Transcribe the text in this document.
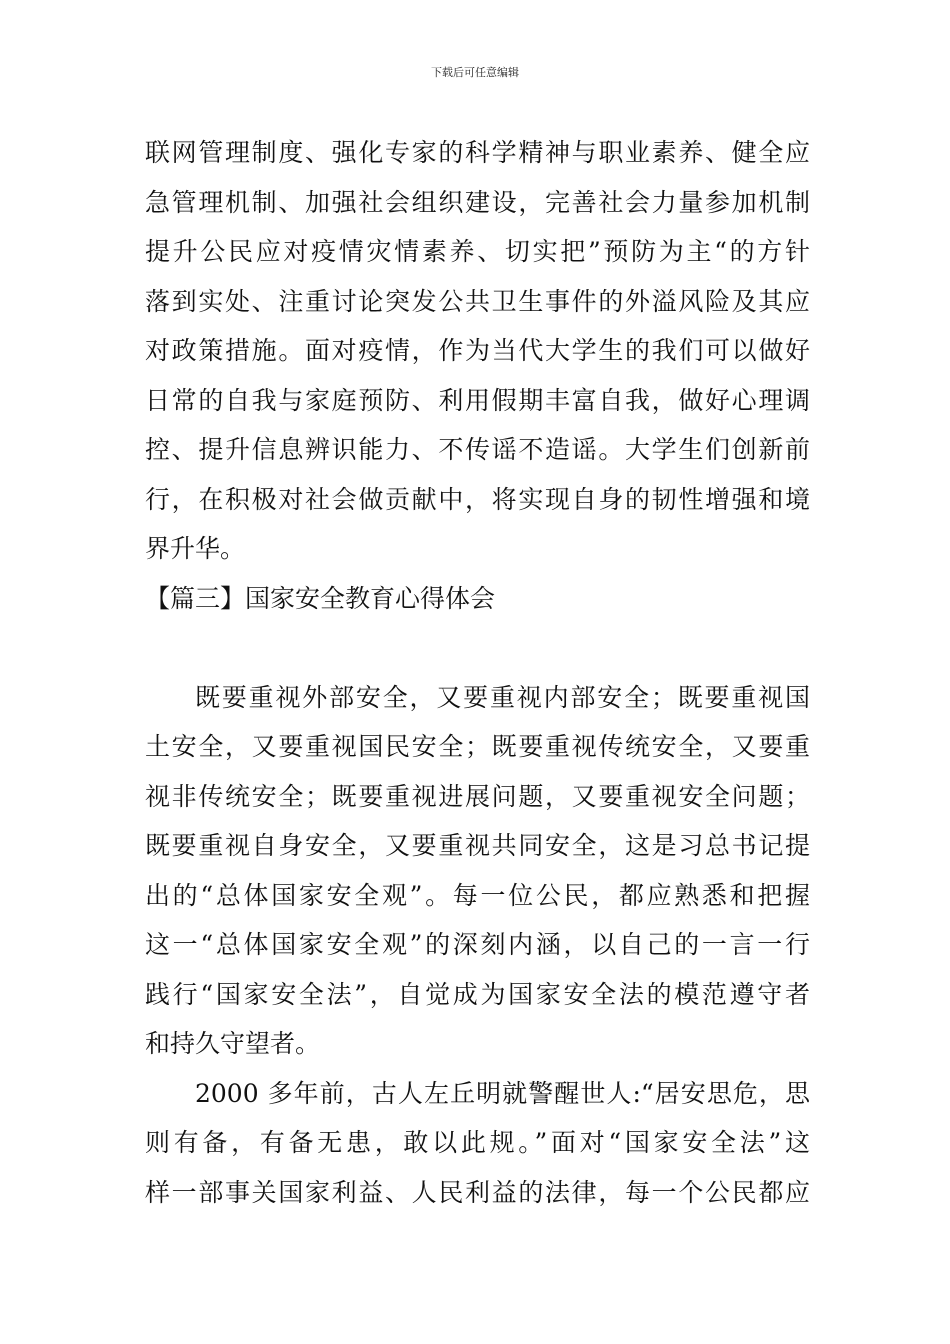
下载后可任意编辑
联网管理制度、强化专家的科学精神与职业素养、健全应
急管理机制、加强社会组织建设，完善社会力量参加机制
提升公民应对疫情灾情素养、切实把”预防为主“的方针
落到实处、注重讨论突发公共卫生事件的外溢风险及其应
对政策措施。面对疫情，作为当代大学生的我们可以做好
日常的自我与家庭预防、利用假期丰富自我，做好心理调
控、提升信息辨识能力、不传谣不造谣。大学生们创新前
行，在积极对社会做贡献中，将实现自身的韧性增强和境
界升华。
【篇三】国家安全教育心得体会
既要重视外部安全，又要重视内部安全；既要重视国
土安全，又要重视国民安全；既要重视传统安全，又要重
视非传统安全；既要重视进展问题，又要重视安全问题；
既要重视自身安全，又要重视共同安全，这是习总书记提
出的“总体国家安全观”。每一位公民，都应熟悉和把握
这一“总体国家安全观”的深刻内涵，以自己的一言一行
践行“国家安全法”，自觉成为国家安全法的模范遵守者
和持久守望者。
2000 多年前，古人左丘明就警醒世人:“居安思危，思
则有备，有备无患，敢以此规。”面对“国家安全法”这
样一部事关国家利益、人民利益的法律，每一个公民都应
